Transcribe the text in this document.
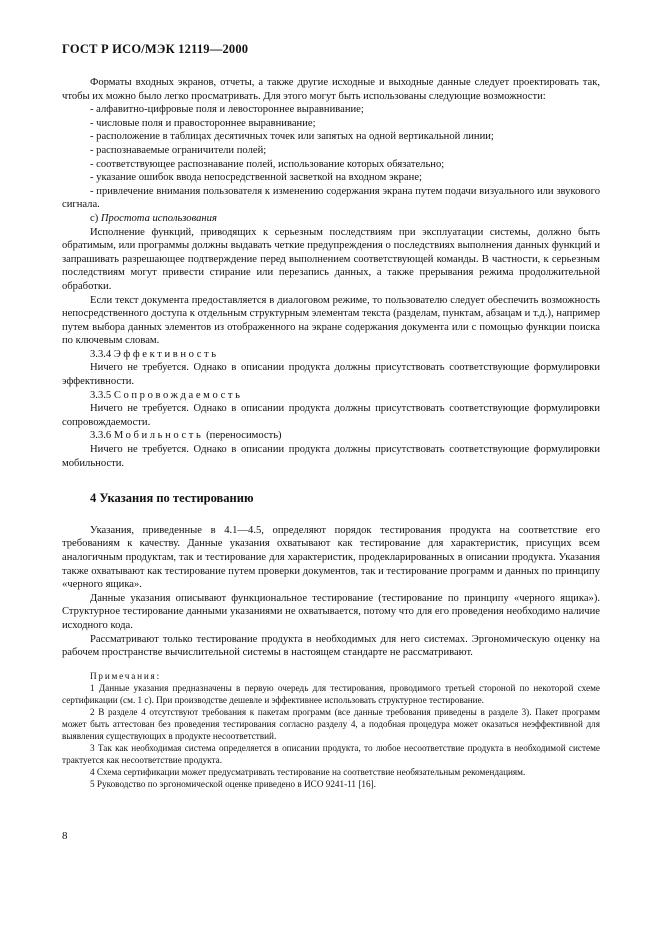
ГОСТ Р ИСО/МЭК 12119—2000

Форматы входных экранов, отчеты, а также другие исходные и выходные данные следует проектировать так, чтобы их можно было легко просматривать. Для этого могут быть использованы следующие возможности:

- алфавитно-цифровые поля и левостороннее выравнивание;

- числовые поля и правостороннее выравнивание;

- расположение в таблицах десятичных точек или запятых на одной вертикальной линии;

- распознаваемые ограничители полей;

- соответствующее распознавание полей, использование которых обязательно;

- указание ошибок ввода непосредственной засветкой на входном экране;

- привлечение внимания пользователя к изменению содержания экрана путем подачи визуального или звукового сигнала.

с) Простота использования

Исполнение функций, приводящих к серьезным последствиям при эксплуатации системы, должно быть обратимым, или программы должны выдавать четкие предупреждения о последствиях выполнения данных функций и запрашивать разрешающее подтверждение перед выполнением соответствующей команды. В частности, к серьезным последствиям могут привести стирание или перезапись данных, а также прерывания режима продолжительной обработки.

Если текст документа предоставляется в диалоговом режиме, то пользователю следует обеспечить возможность непосредственного доступа к отдельным структурным элементам текста (разделам, пунктам, абзацам и т.д.), например путем выбора данных элементов из отображенного на экране содержания документа или с помощью функции поиска по ключевым словам.

3.3.4 Эффективность

Ничего не требуется. Однако в описании продукта должны присутствовать соответствующие формулировки эффективности.

3.3.5 Сопровождаемость

Ничего не требуется. Однако в описании продукта должны присутствовать соответствующие формулировки сопровождаемости.

3.3.6 Мобильность (переносимость)

Ничего не требуется. Однако в описании продукта должны присутствовать соответствующие формулировки мобильности.

4 Указания по тестированию

Указания, приведенные в 4.1—4.5, определяют порядок тестирования продукта на соответствие его требованиям к качеству. Данные указания охватывают как тестирование для характеристик, присущих всем аналогичным продуктам, так и тестирование для характеристик, продекларированных в описании продукта. Указания также охватывают как тестирование путем проверки документов, так и тестирование программ и данных по принципу «черного ящика».

Данные указания описывают функциональное тестирование (тестирование по принципу «черного ящика»). Структурное тестирование данными указаниями не охватывается, потому что для его проведения необходимо наличие исходного кода.

Рассматривают только тестирование продукта в необходимых для него системах. Эргономическую оценку на рабочем пространстве вычислительной системы в настоящем стандарте не рассматривают.

Примечания:

1 Данные указания предназначены в первую очередь для тестирования, проводимого третьей стороной по некоторой схеме сертификации (см. 1 с). При производстве дешевле и эффективнее использовать структурное тестирование.

2 В разделе 4 отсутствуют требования к пакетам программ (все данные требования приведены в разделе 3). Пакет программ может быть аттестован без проведения тестирования согласно разделу 4, а подобная процедура может оказаться неэффективной для выявления существующих в продукте несоответствий.

3 Так как необходимая система определяется в описании продукта, то любое несоответствие продукта в необходимой системе трактуется как несоответствие продукта.

4 Схема сертификации может предусматривать тестирование на соответствие необязательным рекомендациям.

5 Руководство по эргономической оценке приведено в ИСО 9241-11 [16].

8
